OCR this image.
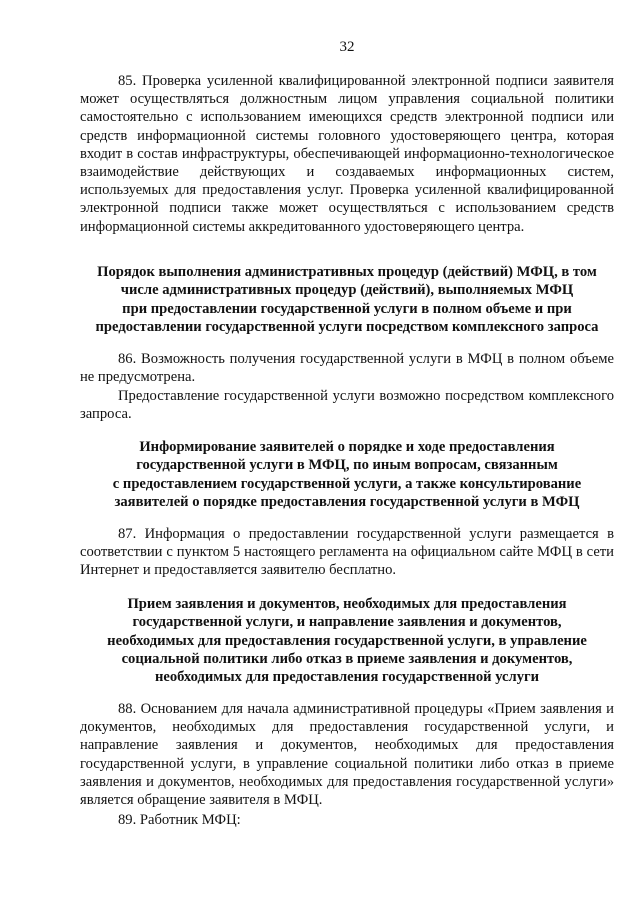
32

85. Проверка усиленной квалифицированной электронной подписи заявителя может осуществляться должностным лицом управления социальной политики самостоятельно с использованием имеющихся средств электронной подписи или средств информационной системы головного удостоверяющего центра, которая входит в состав инфраструктуры, обеспечивающей информационно-технологическое взаимодействие действующих и создаваемых информационных систем, используемых для предоставления услуг. Проверка усиленной квалифицированной электронной подписи также может осуществляться с использованием средств информационной системы аккредитованного удостоверяющего центра.

Порядок выполнения административных процедур (действий) МФЦ, в том
числе административных процедур (действий), выполняемых МФЦ
при предоставлении государственной услуги в полном объеме и при
предоставлении государственной услуги посредством комплексного запроса

86. Возможность получения государственной услуги в МФЦ в полном объеме не предусмотрена.

Предоставление государственной услуги возможно посредством комплексного запроса.

Информирование заявителей о порядке и ходе предоставления
государственной услуги в МФЦ, по иным вопросам, связанным
с предоставлением государственной услуги, а также консультирование
заявителей о порядке предоставления государственной услуги в МФЦ

87. Информация о предоставлении государственной услуги размещается в соответствии с пунктом 5 настоящего регламента на официальном сайте МФЦ в сети Интернет и предоставляется заявителю бесплатно.

Прием заявления и документов, необходимых для предоставления
государственной услуги, и направление заявления и документов,
необходимых для предоставления государственной услуги, в управление
социальной политики либо отказ в приеме заявления и документов,
необходимых для предоставления государственной услуги

88. Основанием для начала административной процедуры «Прием заявления и документов, необходимых для предоставления государственной услуги, и направление заявления и документов, необходимых для предоставления государственной услуги, в управление социальной политики либо отказ в приеме заявления и документов, необходимых для предоставления государственной услуги» является обращение заявителя в МФЦ.

89. Работник МФЦ:
